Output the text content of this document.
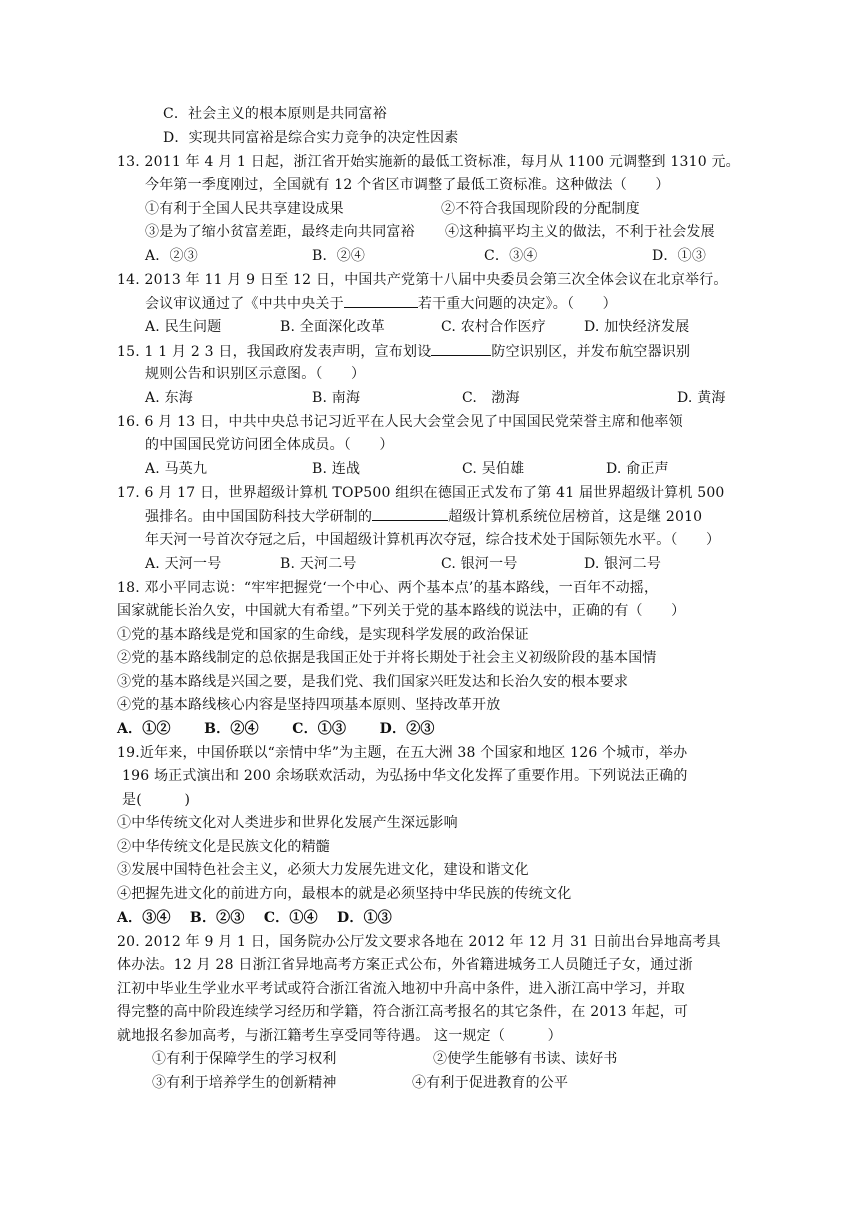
C．社会主义的根本原则是共同富裕
D．实现共同富裕是综合实力竞争的决定性因素
13. 2011 年 4 月 1 日起，浙江省开始实施新的最低工资标准，每月从 1100 元调整到 1310 元。
今年第一季度刚过，全国就有 12 个省区市调整了最低工资标准。这种做法（　　）
①有利于全国人民共享建设成果	②不符合我国现阶段的分配制度
③是为了缩小贫富差距，最终走向共同富裕 ④这种搞平均主义的做法，不利于社会发展
A．②③	B．②④	C．③④	D．①③
14. 2013 年 11 月 9 日至 12 日，中国共产党第十八届中央委员会第三次全体会议在北京举行。
会议审议通过了《中共中央关于	若干重大问题的决定》。（　　）
A. 民生问题	B. 全面深化改革	C. 农村合作医疗	D. 加快经济发展
15. 1 1 月 2 3 日，我国政府发表声明，宣布划设	防空识别区，并发布航空器识别
规则公告和识别区示意图。（　　）
A. 东海	B. 南海	C.　渤海	D. 黄海
16. 6 月 13 日，中共中央总书记习近平在人民大会堂会见了中国国民党荣誉主席和他率领
的中国国民党访问团全体成员。（　　）
A. 马英九	B. 连战	C. 吴伯雄	D. 俞正声
17. 6 月 17 日，世界超级计算机 TOP500 组织在德国正式发布了第 41 届世界超级计算机 500
强排名。由中国国防科技大学研制的	超级计算机系统位居榜首，这是继 2010
年天河一号首次夺冠之后，中国超级计算机再次夺冠，综合技术处于国际领先水平。（　　）
A. 天河一号	B. 天河二号	C. 银河一号	D. 银河二号
18. 邓小平同志说：“牢牢把握党‘一个中心、两个基本点’的基本路线，一百年不动摇，
国家就能长治久安，中国就大有希望。”下列关于党的基本路线的说法中，正确的有（　　）
①党的基本路线是党和国家的生命线，是实现科学发展的政治保证
②党的基本路线制定的总依据是我国正处于并将长期处于社会主义初级阶段的基本国情
③党的基本路线是兴国之要，是我们党、我们国家兴旺发达和长治久安的根本要求
④党的基本路线核心内容是坚持四项基本原则、坚持改革开放
A．①②　　 B．②④　　 C．①③　　 D．②③
19.近年来，中国侨联以“亲情中华”为主题，在五大洲 38 个国家和地区 126 个城市，举办
196 场正式演出和 200 余场联欢活动，为弘扬中华文化发挥了重要作用。下列说法正确的
是(　　　)
①中华传统文化对人类进步和世界化发展产生深远影响
②中华传统文化是民族文化的精髓
③发展中国特色社会主义，必须大力发展先进文化，建设和谐文化
④把握先进文化的前进方向，最根本的就是必须坚持中华民族的传统文化
A．③④　 B．②③　 C．①④　 D．①③
20. 2012 年 9 月 1 日，国务院办公厅发文要求各地在 2012 年 12 月 31 日前出台异地高考具
体办法。12 月 28 日浙江省异地高考方案正式公布，外省籍进城务工人员随迁子女，通过浙
江初中毕业生学业水平考试或符合浙江省流入地初中升高中条件，进入浙江高中学习，并取
得完整的高中阶段连续学习经历和学籍，符合浙江高考报名的其它条件，在 2013 年起，可
就地报名参加高考，与浙江籍考生享受同等待遇。 这一规定（　　　）
①有利于保障学生的学习权利	②使学生能够有书读、读好书
③有利于培养学生的创新精神	④有利于促进教育的公平
